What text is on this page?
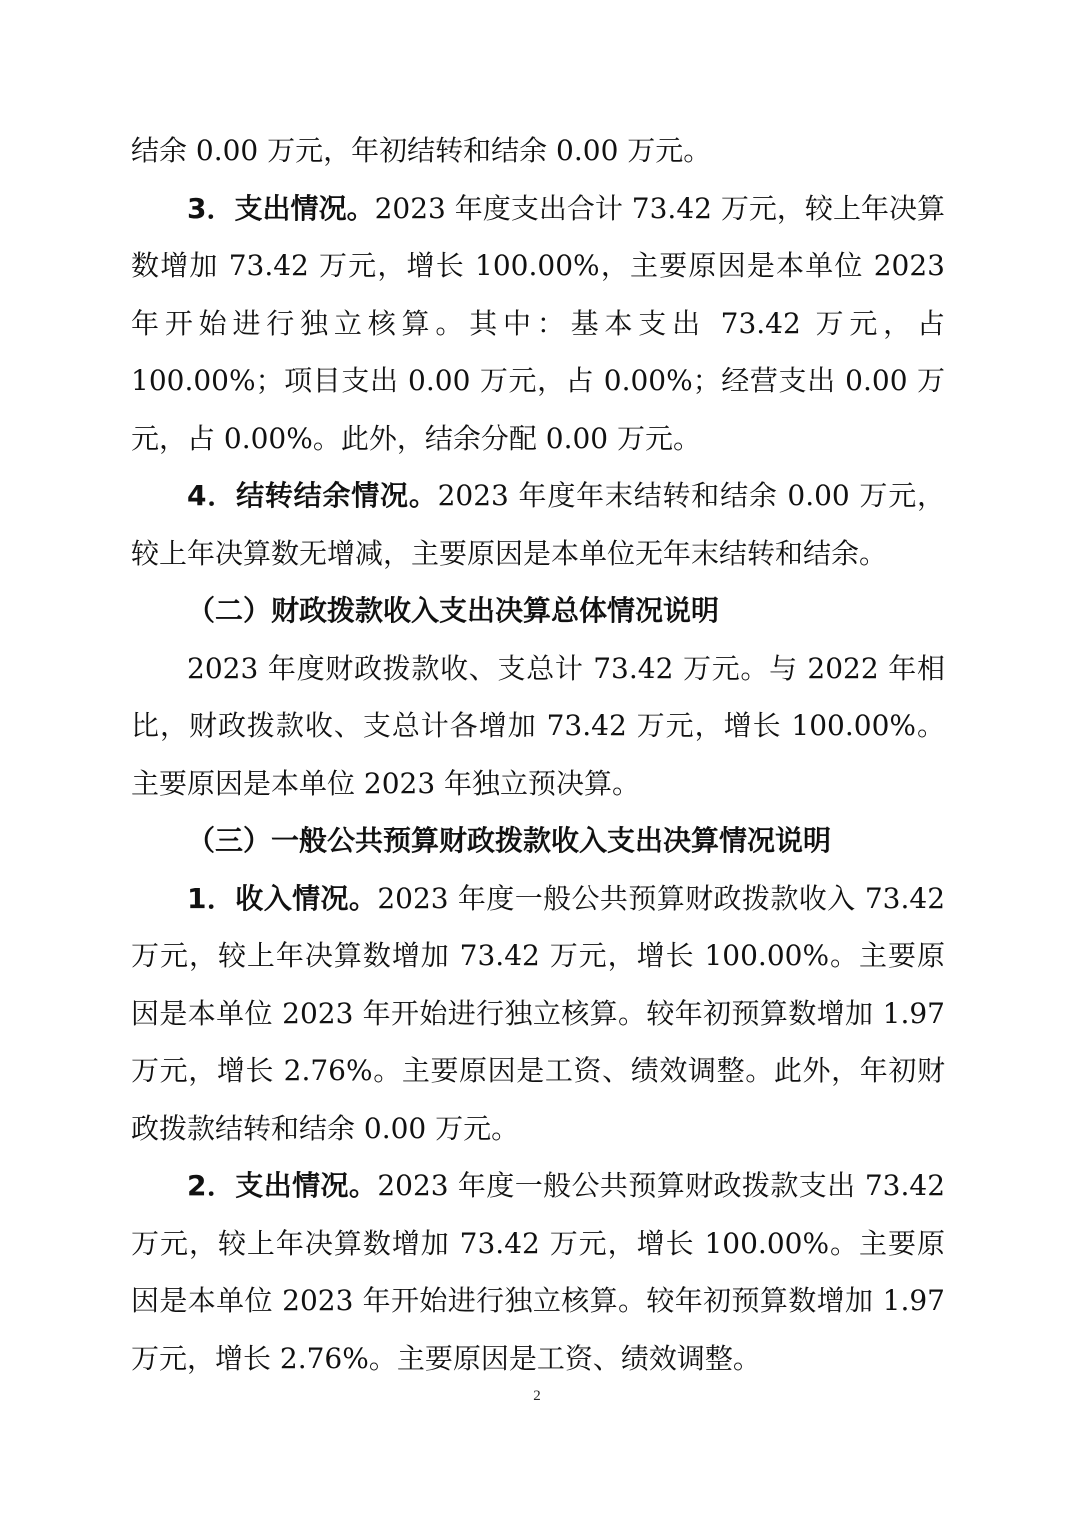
结余 0.00 万元，年初结转和结余 0.00 万元。

3．支出情况。2023 年度支出合计 73.42 万元，较上年决算数增加 73.42 万元，增长 100.00%，主要原因是本单位 2023 年开始进行独立核算。其中：基本支出 73.42 万元，占 100.00%；项目支出 0.00 万元，占 0.00%；经营支出 0.00 万元，占 0.00%。此外，结余分配 0.00 万元。

4．结转结余情况。2023 年度年末结转和结余 0.00 万元，较上年决算数无增减，主要原因是本单位无年末结转和结余。

（二）财政拨款收入支出决算总体情况说明

2023 年度财政拨款收、支总计 73.42 万元。与 2022 年相比，财政拨款收、支总计各增加 73.42 万元，增长 100.00%。主要原因是本单位 2023 年独立预决算。

（三）一般公共预算财政拨款收入支出决算情况说明

1．收入情况。2023 年度一般公共预算财政拨款收入 73.42 万元，较上年决算数增加 73.42 万元，增长 100.00%。主要原因是本单位 2023 年开始进行独立核算。较年初预算数增加 1.97 万元，增长 2.76%。主要原因是工资、绩效调整。此外，年初财政拨款结转和结余 0.00 万元。

2．支出情况。2023 年度一般公共预算财政拨款支出 73.42 万元，较上年决算数增加 73.42 万元，增长 100.00%。主要原因是本单位 2023 年开始进行独立核算。较年初预算数增加 1.97 万元，增长 2.76%。主要原因是工资、绩效调整。

2
